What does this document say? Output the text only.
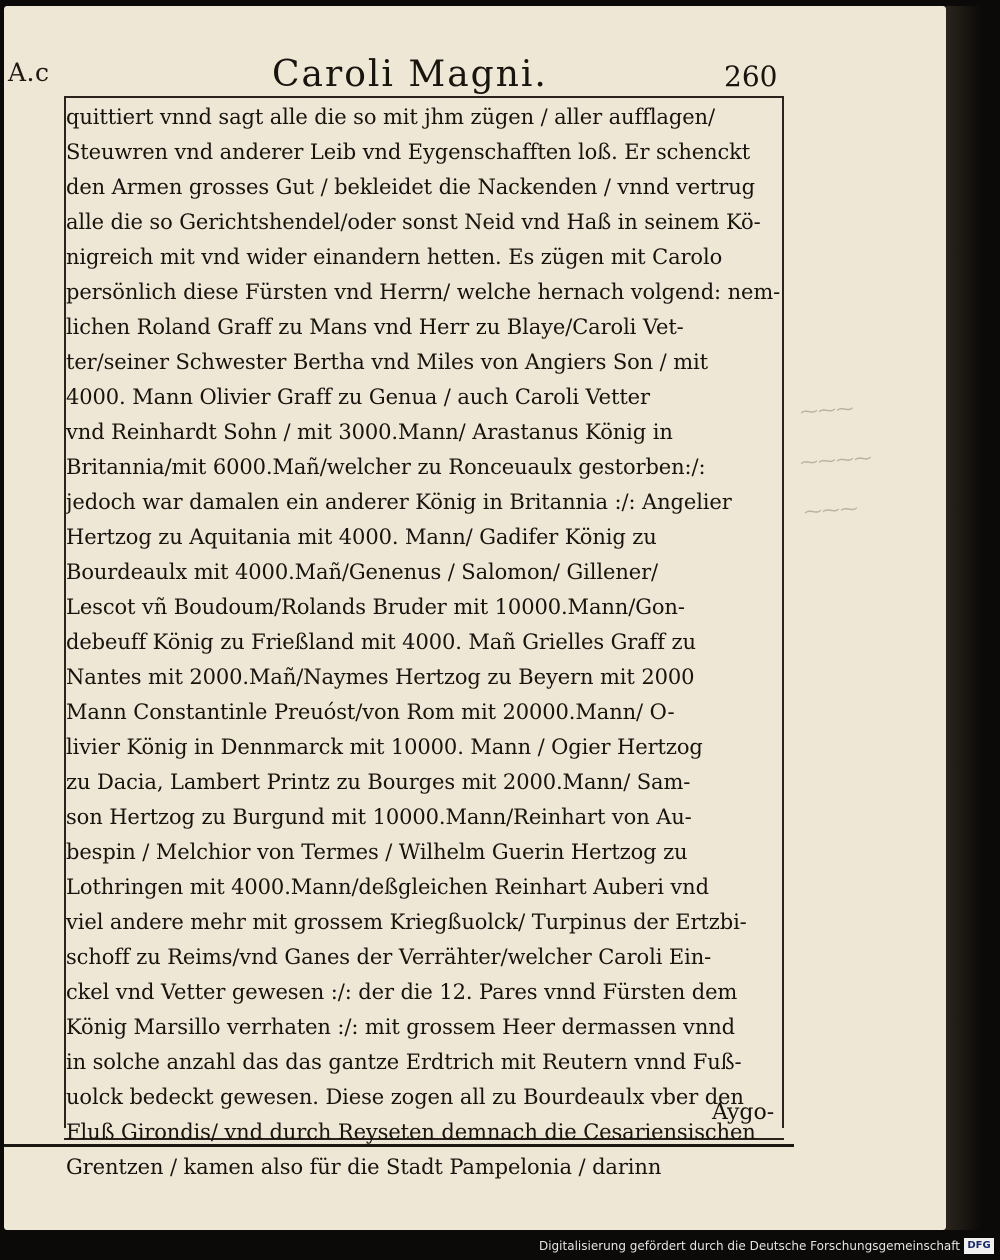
A.c	Caroli Magni.	260
quittiert vnnd sagt alle die so mit jhm zügen / aller aufflagen/
Steuwren vnd anderer Leib vnd Eygenschafften loß. Er schenckt
den Armen grosses Gut / bekleidet die Nackenden / vnnd vertrug
alle die so Gerichtshendel/oder sonst Neid vnd Haß in seinem Kö-
nigreich mit vnd wider einandern hetten. Es zügen mit Carolo
persönlich diese Fürsten vnd Herrn/ welche hernach volgend: nem-
lichen Roland Graff zu Mans vnd Herr zu Blaye/Caroli Vet-
ter/seiner Schwester Bertha vnd Miles von Angiers Son / mit
4000. Mann Olivier Graff zu Genua / auch Caroli Vetter
vnd Reinhardt Sohn / mit 3000.Mann/ Arastanus König in
Britannia/mit 6000.Mañ/welcher zu Ronceuaulx gestorben:/:
jedoch war damalen ein anderer König in Britannia :/: Angelier
Hertzog zu Aquitania mit 4000. Mann/ Gadifer König zu
Bourdeaulx mit 4000.Mañ/Genenus / Salomon/ Gillener/
Lescot vñ Boudoum/Rolands Bruder mit 10000.Mann/Gon-
debeuff König zu Frießland mit 4000. Mañ Grielles Graff zu
Nantes mit 2000.Mañ/Naymes Hertzog zu Beyern mit 2000
Mann Constantinle Preuóst/von Rom mit 20000.Mann/ O-
livier König in Dennmarck mit 10000. Mann / Ogier Hertzog
zu Dacia, Lambert Printz zu Bourges mit 2000.Mann/ Sam-
son Hertzog zu Burgund mit 10000.Mann/Reinhart von Au-
bespin / Melchior von Termes / Wilhelm Guerin Hertzog zu
Lothringen mit 4000.Mann/deßgleichen Reinhart Auberi vnd
viel andere mehr mit grossem Kriegßuolck/ Turpinus der Ertzbi-
schoff zu Reims/vnd Ganes der Verrähter/welcher Caroli Ein-
ckel vnd Vetter gewesen :/: der die 12. Pares vnnd Fürsten dem
König Marsillo verrhaten :/: mit grossem Heer dermassen vnnd
in solche anzahl das das gantze Erdtrich mit Reutern vnnd Fuß-
uolck bedeckt gewesen. Diese zogen all zu Bourdeaulx vber den
Fluß Girondis/ vnd durch Reyseten demnach die Cesariensischen
Grentzen / kamen also für die Stadt Pampelonia / darinn
Aygo-
⁓⁓⁓
⁓⁓⁓⁓
⁓⁓⁓
Digitalisierung gefördert durch die Deutsche Forschungsgemeinschaft DFG
